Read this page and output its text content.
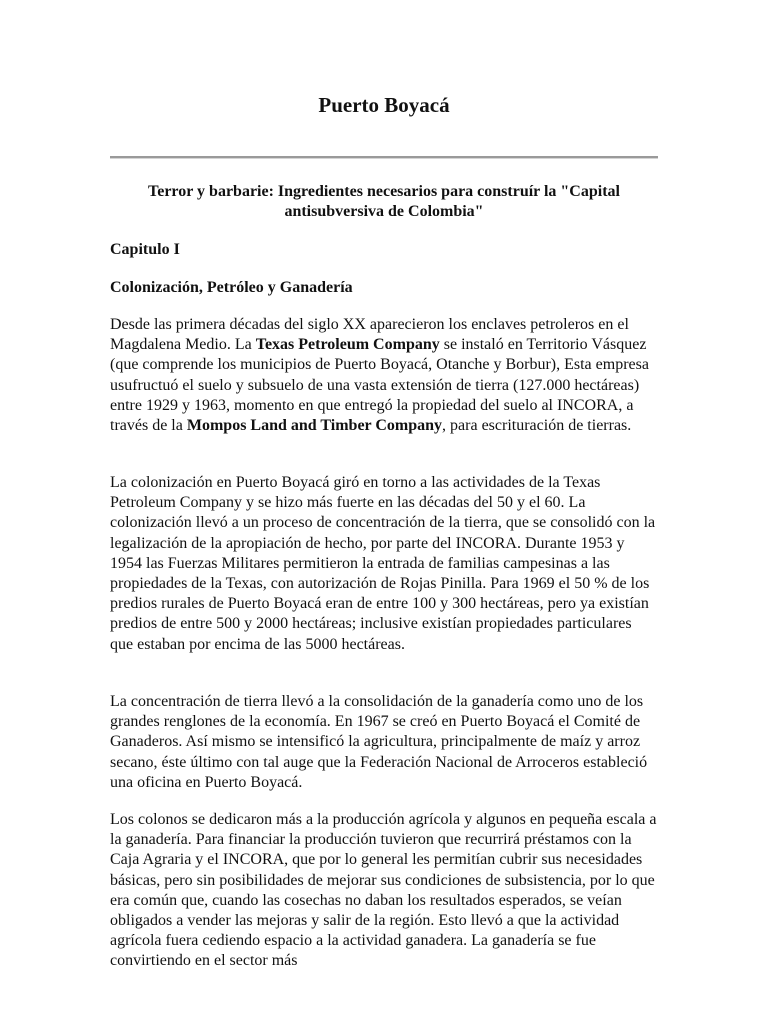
Puerto Boyacá
Terror y barbarie: Ingredientes necesarios para construír la "Capital antisubversiva de Colombia"
Capitulo I
Colonización, Petróleo y Ganadería

Desde las primera décadas del siglo XX aparecieron los enclaves petroleros en el Magdalena Medio. La Texas Petroleum Company se instaló en Territorio Vásquez (que comprende los municipios de Puerto Boyacá, Otanche y Borbur), Esta empresa usufructuó el suelo y subsuelo de una vasta extensión de tierra (127.000 hectáreas) entre 1929 y 1963, momento en que entregó la propiedad del suelo al INCORA, a través de la Mompos Land and Timber Company, para escrituración de tierras.

La colonización en Puerto Boyacá giró en torno a las actividades de la Texas Petroleum Company y se hizo más fuerte en las décadas del 50 y el 60. La colonización llevó a un proceso de concentración de la tierra, que se consolidó con la legalización de la apropiación de hecho, por parte del INCORA. Durante 1953 y 1954 las Fuerzas Militares permitieron la entrada de familias campesinas a las propiedades de la Texas, con autorización de Rojas Pinilla. Para 1969 el 50 % de los predios rurales de Puerto Boyacá eran de entre 100 y 300 hectáreas, pero ya existían predios de entre 500 y 2000 hectáreas; inclusive existían propiedades particulares que estaban por encima de las 5000 hectáreas.

La concentración de tierra llevó a la consolidación de la ganadería como uno de los grandes renglones de la economía. En 1967 se creó en Puerto Boyacá el Comité de Ganaderos. Así mismo se intensificó la agricultura, principalmente de maíz y arroz secano, éste último con tal auge que la Federación Nacional de Arroceros estableció una oficina en Puerto Boyacá.

Los colonos se dedicaron más a la producción agrícola y algunos en pequeña escala a la ganadería. Para financiar la producción tuvieron que recurrirá préstamos con la Caja Agraria y el INCORA, que por lo general les permitían cubrir sus necesidades básicas, pero sin posibilidades de mejorar sus condiciones de subsistencia, por lo que era común que, cuando las cosechas no daban los resultados esperados, se veían obligados a vender las mejoras y salir de la región. Esto llevó a que la actividad agrícola fuera cediendo espacio a la actividad ganadera. La ganadería se fue convirtiendo en el sector más
